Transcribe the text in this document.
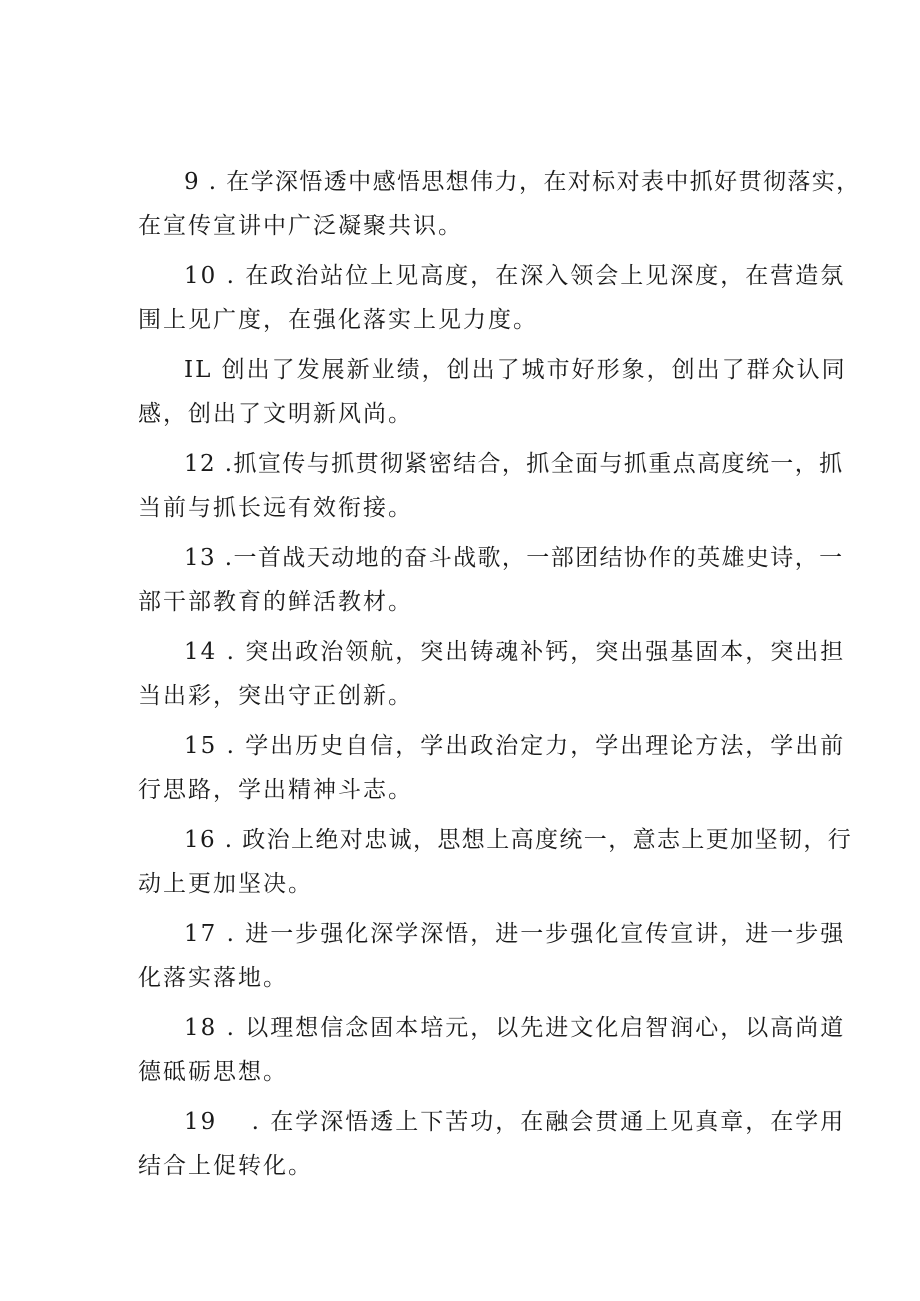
9 . 在学深悟透中感悟思想伟力，在对标对表中抓好贯彻落实，
在宣传宣讲中广泛凝聚共识。
10 . 在政治站位上见高度，在深入领会上见深度，在营造氛
围上见广度，在强化落实上见力度。
IL 创出了发展新业绩，创出了城市好形象，创出了群众认同
感，创出了文明新风尚。
12 .抓宣传与抓贯彻紧密结合，抓全面与抓重点高度统一，抓
当前与抓长远有效衔接。
13 .一首战天动地的奋斗战歌，一部团结协作的英雄史诗，一
部干部教育的鲜活教材。
14 . 突出政治领航，突出铸魂补钙，突出强基固本，突出担
当出彩，突出守正创新。
15 . 学出历史自信，学出政治定力，学出理论方法，学出前
行思路，学出精神斗志。
16 . 政治上绝对忠诚，思想上高度统一，意志上更加坚韧，行
动上更加坚决。
17 . 进一步强化深学深悟，进一步强化宣传宣讲，进一步强
化落实落地。
18 . 以理想信念固本培元，以先进文化启智润心，以高尚道
德砥砺思想。
19　 . 在学深悟透上下苦功，在融会贯通上见真章，在学用
结合上促转化。
